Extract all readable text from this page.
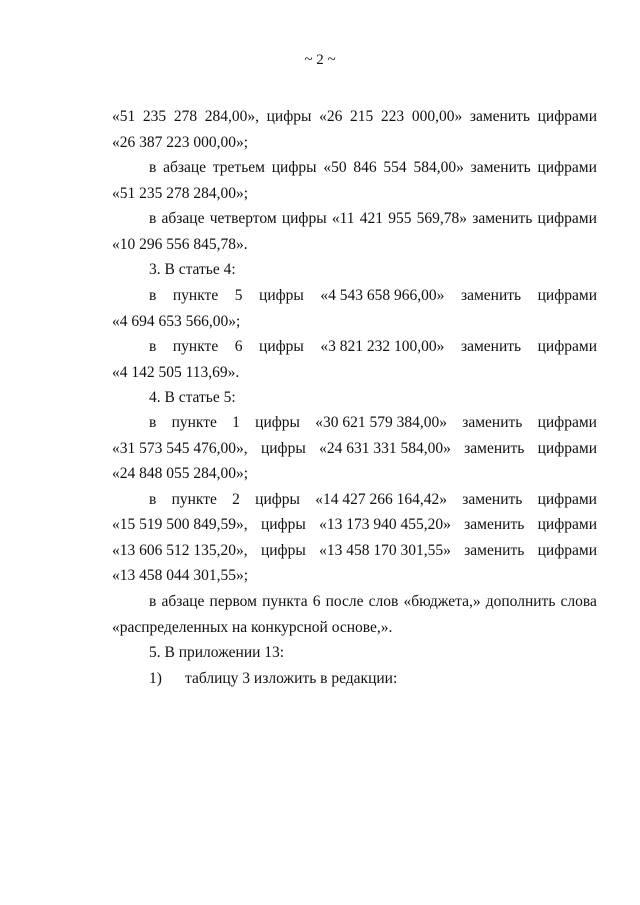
~ 2 ~
«51 235 278 284,00», цифры «26 215 223 000,00» заменить цифрами
«26 387 223 000,00»;
в абзаце третьем цифры «50 846 554 584,00» заменить цифрами
«51 235 278 284,00»;
в абзаце четвертом цифры «11 421 955 569,78» заменить цифрами
«10 296 556 845,78».
3. В статье 4:
в пункте 5 цифры «4 543 658 966,00» заменить цифрами
«4 694 653 566,00»;
в пункте 6 цифры «3 821 232 100,00» заменить цифрами
«4 142 505 113,69».
4. В статье 5:
в пункте 1 цифры «30 621 579 384,00» заменить цифрами
«31 573 545 476,00», цифры «24 631 331 584,00» заменить цифрами
«24 848 055 284,00»;
в пункте 2 цифры «14 427 266 164,42» заменить цифрами
«15 519 500 849,59», цифры «13 173 940 455,20» заменить цифрами
«13 606 512 135,20», цифры «13 458 170 301,55» заменить цифрами
«13 458 044 301,55»;
в абзаце первом пункта 6 после слов «бюджета,» дополнить слова
«распределенных на конкурсной основе,».
5. В приложении 13:
1) таблицу 3 изложить в редакции:
